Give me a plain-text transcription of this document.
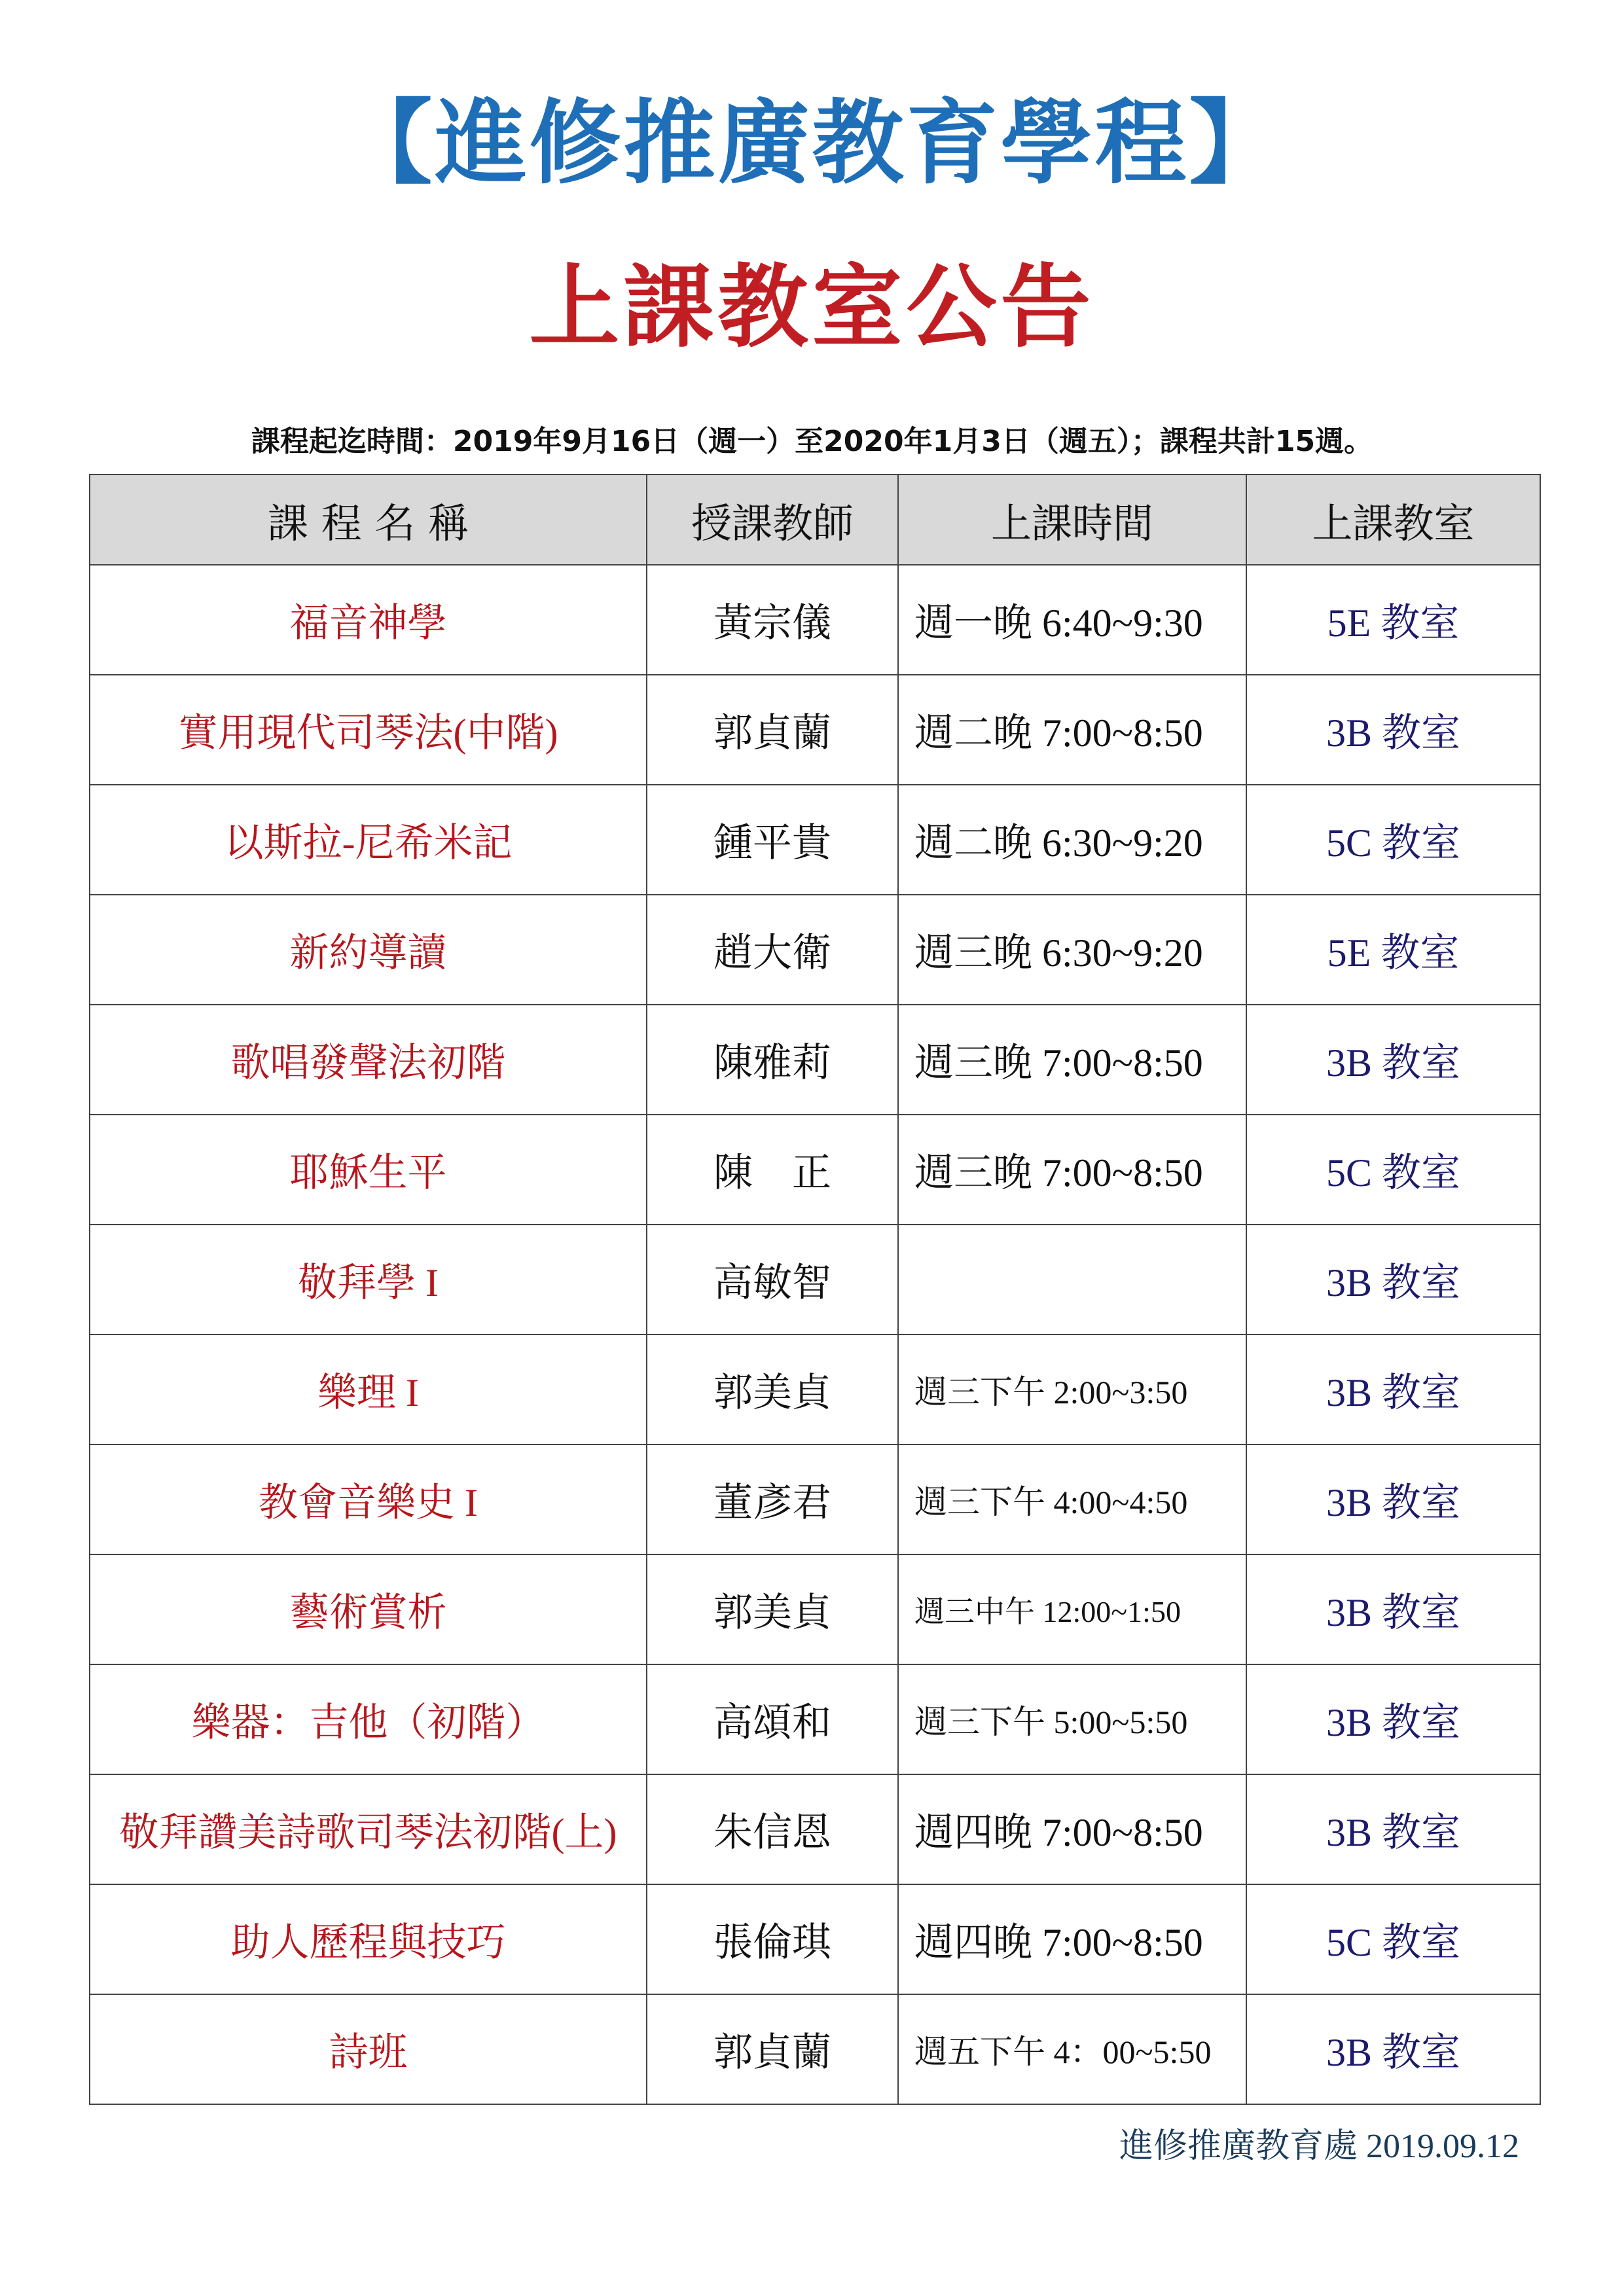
【進修推廣教育學程】
上課教室公告
課程起迄時間：2019年9月16日（週一）至2020年1月3日（週五）；課程共計15週。
課 程 名 稱	授課教師	上課時間	上課教室
福音神學	黃宗儀	週一晚 6:40~9:30	5E 教室
實用現代司琴法(中階)	郭貞蘭	週二晚 7:00~8:50	3B 教室
以斯拉-尼希米記	鍾平貴	週二晚 6:30~9:20	5C 教室
新約導讀	趙大衛	週三晚 6:30~9:20	5E 教室
歌唱發聲法初階	陳雅莉	週三晚 7:00~8:50	3B 教室
耶穌生平	陳　正	週三晚 7:00~8:50	5C 教室
敬拜學 I	高敏智		3B 教室
樂理 I	郭美貞	週三下午 2:00~3:50	3B 教室
教會音樂史 I	董彥君	週三下午 4:00~4:50	3B 教室
藝術賞析	郭美貞	週三中午 12:00~1:50	3B 教室
樂器：吉他（初階）	高頌和	週三下午 5:00~5:50	3B 教室
敬拜讚美詩歌司琴法初階(上)	朱信恩	週四晚 7:00~8:50	3B 教室
助人歷程與技巧	張倫琪	週四晚 7:00~8:50	5C 教室
詩班	郭貞蘭	週五下午 4：00~5:50	3B 教室
進修推廣教育處 2019.09.12
